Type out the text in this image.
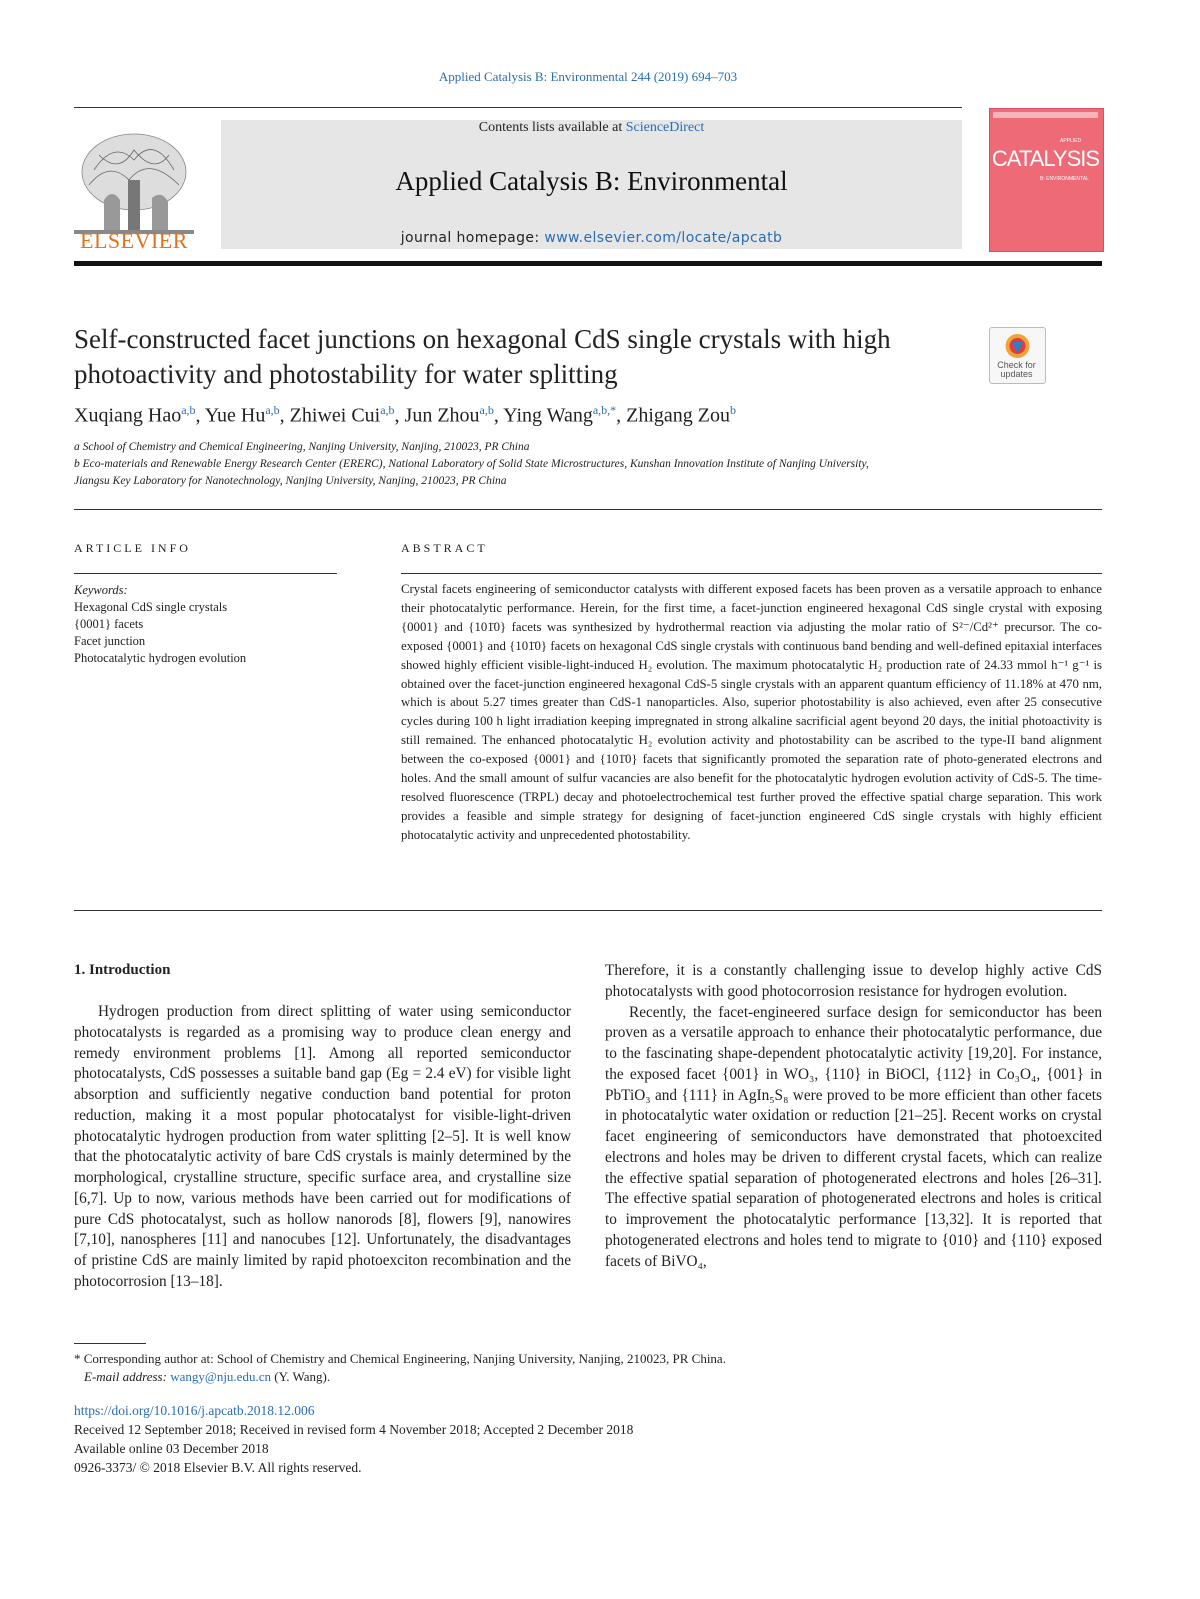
Applied Catalysis B: Environmental 244 (2019) 694–703
ELSEVIER
Contents lists available at ScienceDirect
Applied Catalysis B: Environmental
journal homepage: www.elsevier.com/locate/apcatb
APPLIED
CATALYSIS
B: ENVIRONMENTAL
Self-constructed facet junctions on hexagonal CdS single crystals with high photoactivity and photostability for water splitting	Check for updates
Xuqiang Hao$^{a,b}$, Yue Hu$^{a,b}$, Zhiwei Cui$^{a,b}$, Jun Zhou$^{a,b}$, Ying Wang$^{a,b,*}$, Zhigang Zou$^b$
a School of Chemistry and Chemical Engineering, Nanjing University, Nanjing, 210023, PR China
b Eco-materials and Renewable Energy Research Center (ERERC), National Laboratory of Solid State Microstructures, Kunshan Innovation Institute of Nanjing University,
Jiangsu Key Laboratory for Nanotechnology, Nanjing University, Nanjing, 210023, PR China
ARTICLE INFO
Keywords:
Hexagonal CdS single crystals
{0001} facets
Facet junction
Photocatalytic hydrogen evolution
ABSTRACT
Crystal facets engineering of semiconductor catalysts with different exposed facets has been proven as a versatile approach to enhance their photocatalytic performance. Herein, for the first time, a facet-junction engineered hexagonal CdS single crystal with exposing {0001} and {101̄0} facets was synthesized by hydrothermal reaction via adjusting the molar ratio of S²⁻/Cd²⁺ precursor. The co-exposed {0001} and {101̄0} facets on hexagonal CdS single crystals with continuous band bending and well-defined epitaxial interfaces showed highly efficient visible-light-induced H₂ evolution. The maximum photocatalytic H₂ production rate of 24.33 mmol h⁻¹ g⁻¹ is obtained over the facet-junction engineered hexagonal CdS-5 single crystals with an apparent quantum efficiency of 11.18% at 470 nm, which is about 5.27 times greater than CdS-1 nanoparticles. Also, superior photostability is also achieved, even after 25 consecutive cycles during 100 h light irradiation keeping impregnated in strong alkaline sacrificial agent beyond 20 days, the initial photoactivity is still remained. The enhanced photocatalytic H₂ evolution activity and photostability can be ascribed to the type-II band alignment between the co-exposed {0001} and {101̄0} facets that significantly promoted the separation rate of photo-generated electrons and holes. And the small amount of sulfur vacancies are also benefit for the photocatalytic hydrogen evolution activity of CdS-5. The time-resolved fluorescence (TRPL) decay and photoelectrochemical test further proved the effective spatial charge separation. This work provides a feasible and simple strategy for designing of facet-junction engineered CdS single crystals with highly efficient photocatalytic activity and unprecedented photostability.
1. Introduction

Hydrogen production from direct splitting of water using semiconductor photocatalysts is regarded as a promising way to produce clean energy and remedy environment problems [1]. Among all reported semiconductor photocatalysts, CdS possesses a suitable band gap (Eg = 2.4 eV) for visible light absorption and sufficiently negative conduction band potential for proton reduction, making it a most popular photocatalyst for visible-light-driven photocatalytic hydrogen production from water splitting [2–5]. It is well know that the photocatalytic activity of bare CdS crystals is mainly determined by the morphological, crystalline structure, specific surface area, and crystalline size [6,7]. Up to now, various methods have been carried out for modifications of pure CdS photocatalyst, such as hollow nanorods [8], flowers [9], nanowires [7,10], nanospheres [11] and nanocubes [12]. Unfortunately, the disadvantages of pristine CdS are mainly limited by rapid photoexciton recombination and the photocorrosion [13–18].

Therefore, it is a constantly challenging issue to develop highly active CdS photocatalysts with good photocorrosion resistance for hydrogen evolution.

Recently, the facet-engineered surface design for semiconductor has been proven as a versatile approach to enhance their photocatalytic performance, due to the fascinating shape-dependent photocatalytic activity [19,20]. For instance, the exposed facet {001} in WO₃, {110} in BiOCl, {112} in Co₃O₄, {001} in PbTiO₃ and {111} in AgIn₅S₈ were proved to be more efficient than other facets in photocatalytic water oxidation or reduction [21–25]. Recent works on crystal facet engineering of semiconductors have demonstrated that photoexcited electrons and holes may be driven to different crystal facets, which can realize the effective spatial separation of photogenerated electrons and holes [26–31]. The effective spatial separation of photogenerated electrons and holes is critical to improvement the photocatalytic performance [13,32]. It is reported that photogenerated electrons and holes tend to migrate to {010} and {110} exposed facets of BiVO₄,

* Corresponding author at: School of Chemistry and Chemical Engineering, Nanjing University, Nanjing, 210023, PR China.
E-mail address: wangy@nju.edu.cn (Y. Wang).
https://doi.org/10.1016/j.apcatb.2018.12.006
Received 12 September 2018; Received in revised form 4 November 2018; Accepted 2 December 2018
Available online 03 December 2018
0926-3373/ © 2018 Elsevier B.V. All rights reserved.
